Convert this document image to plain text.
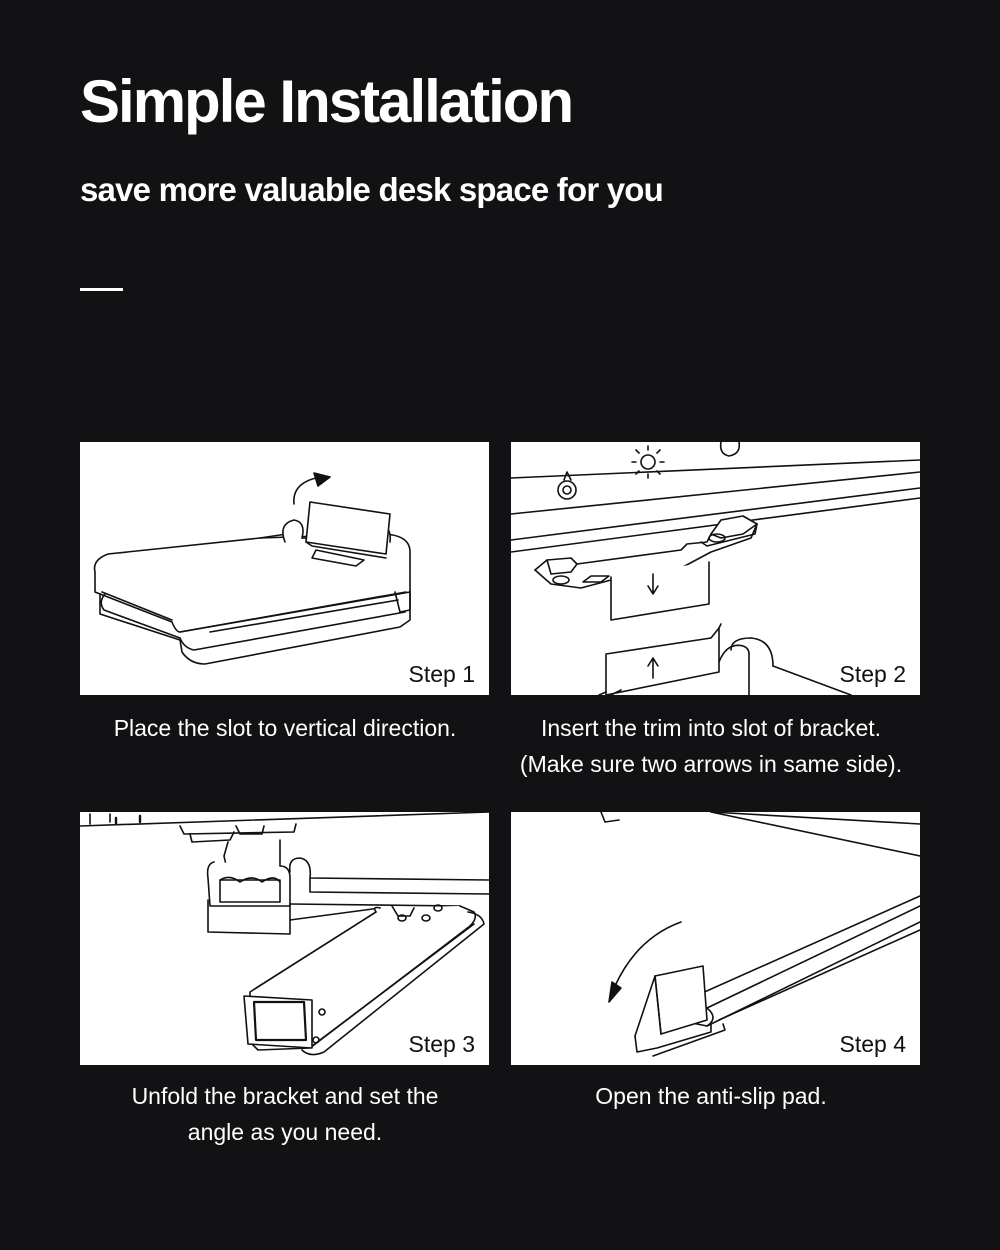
Simple Installation
save more valuable desk space for you
Step 1
Place the slot to vertical direction.
Step 2
Insert the trim into slot of bracket.
(Make sure two arrows in same side).
Step 3
Unfold the bracket and set the
angle as you need.
Step 4
Open the anti-slip pad.
